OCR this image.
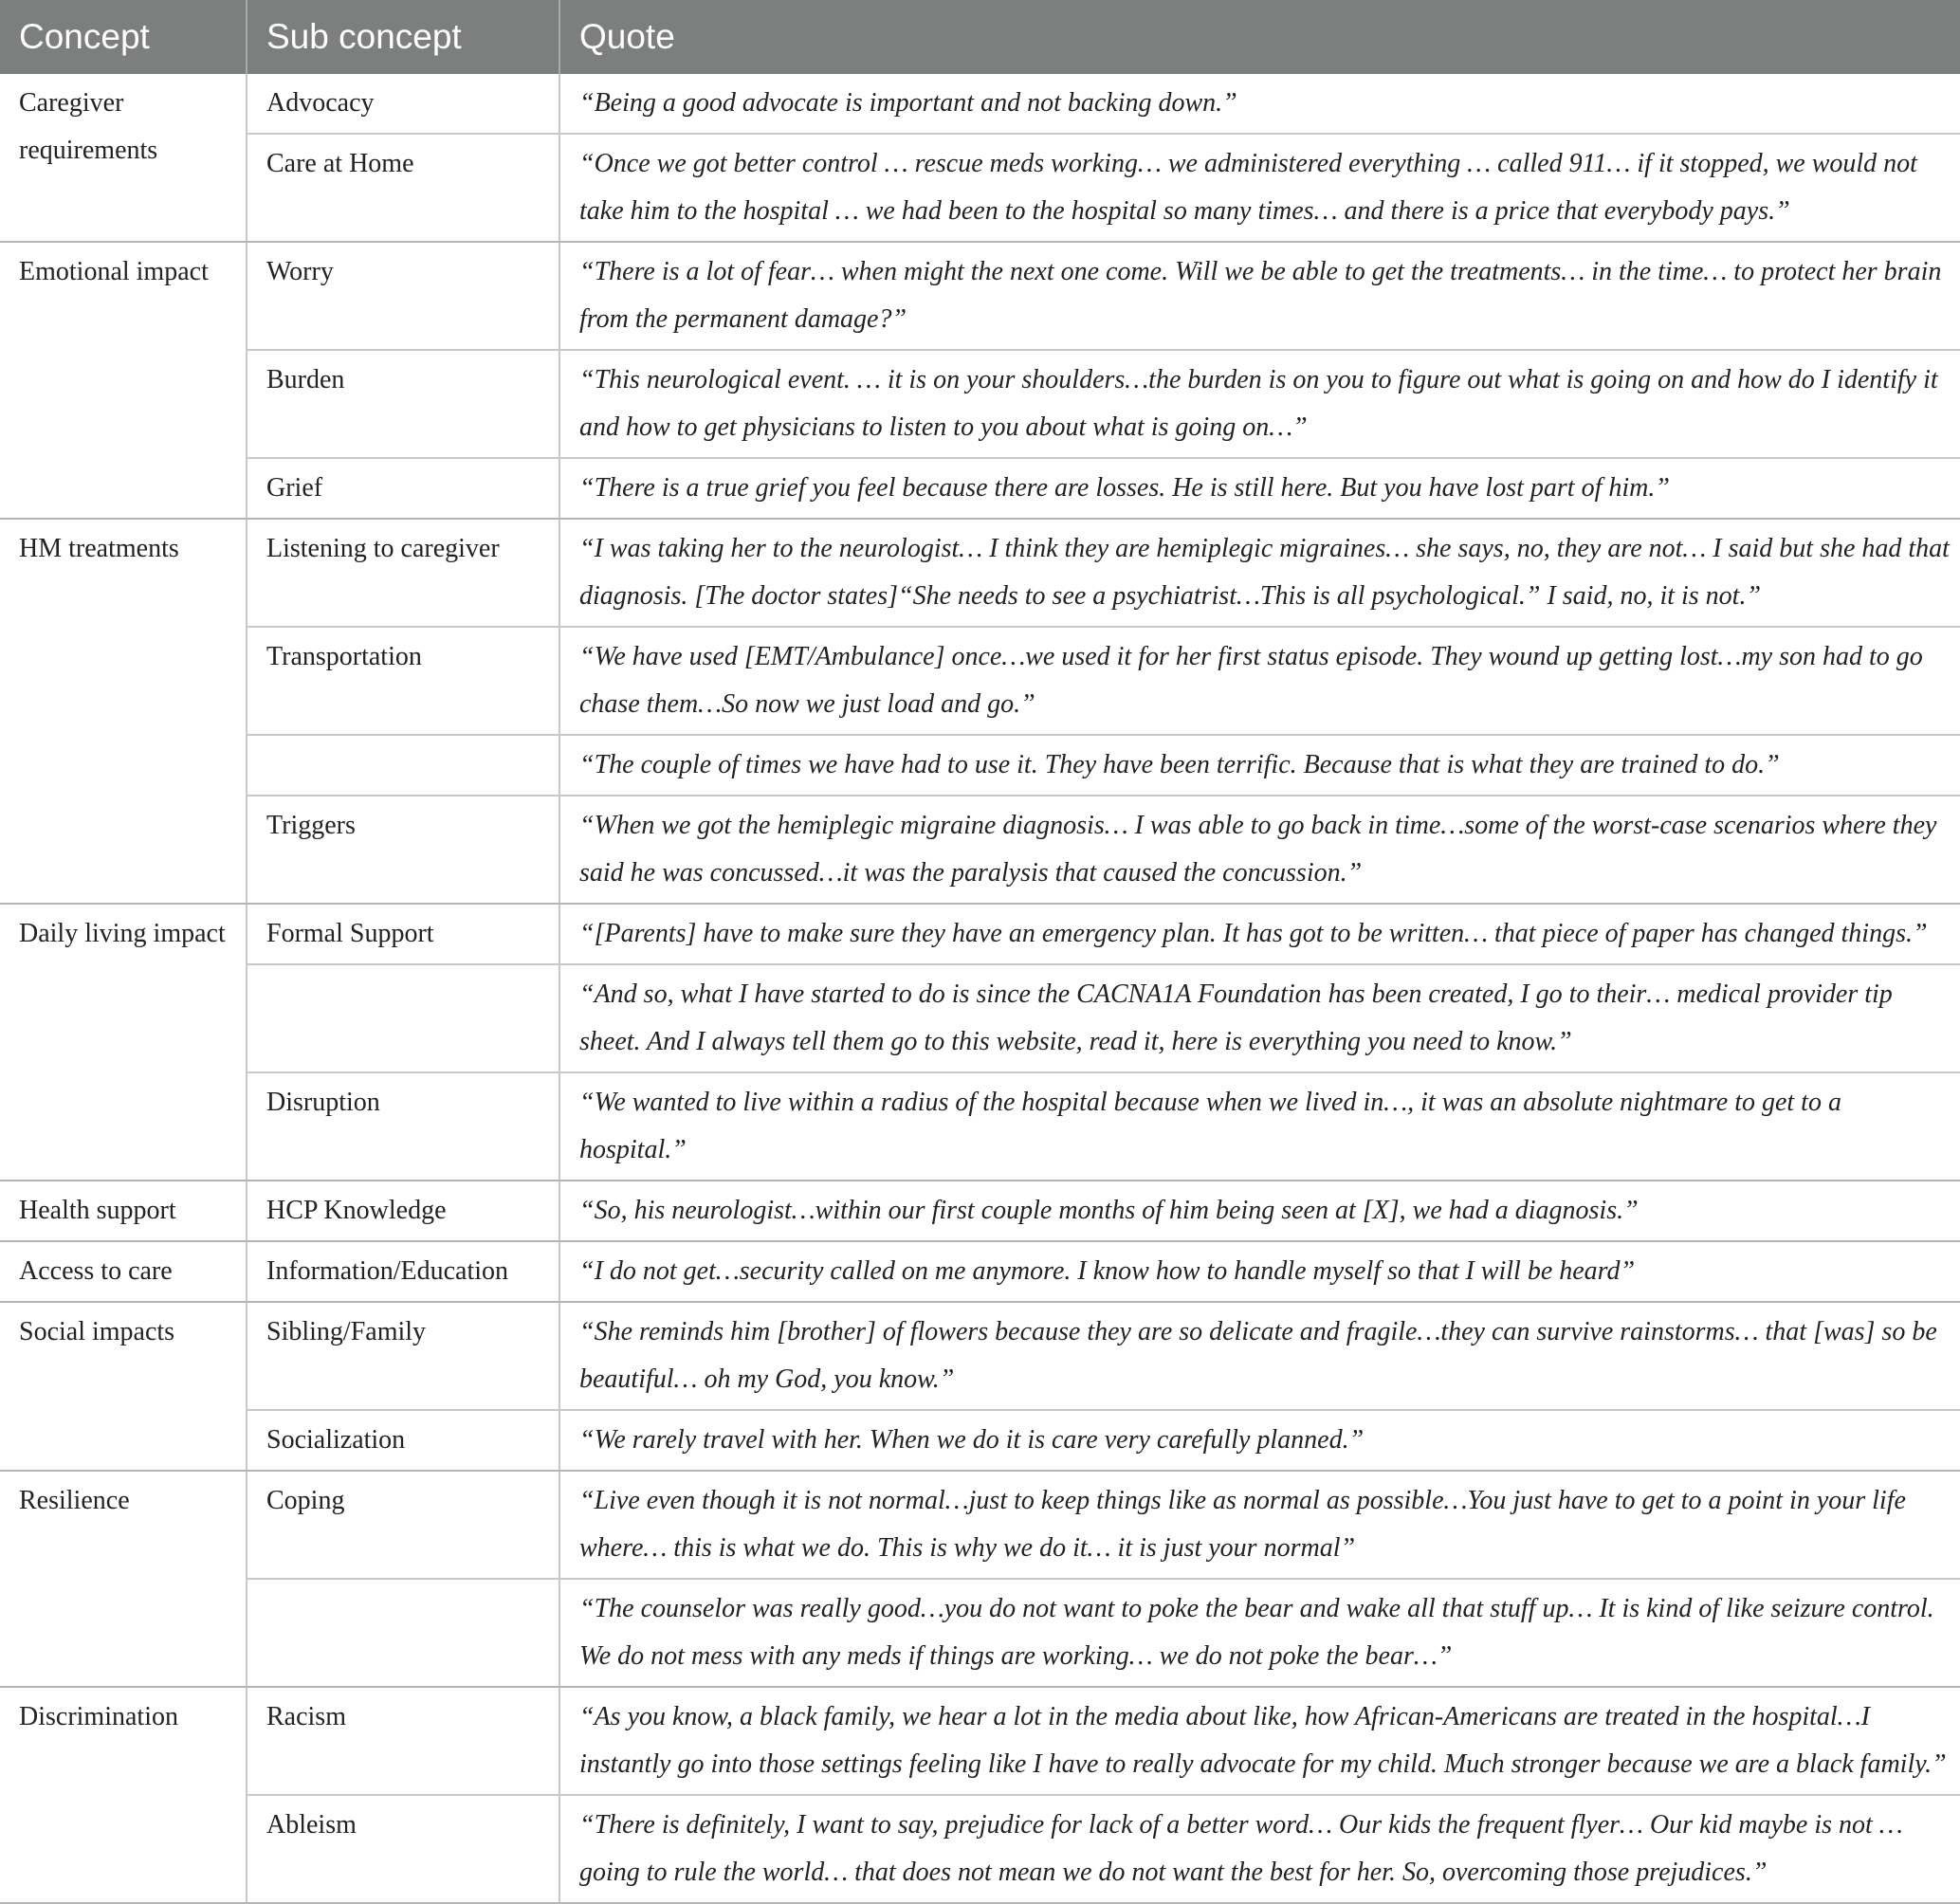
Concept	Sub concept	Quote
Caregiver requirements	Advocacy	“Being a good advocate is important and not backing down.”
	Care at Home	“Once we got better control … rescue meds working… we administered everything … called 911… if it stopped, we would not take him to the hospital … we had been to the hospital so many times… and there is a price that everybody pays.”
Emotional impact	Worry	“There is a lot of fear… when might the next one come. Will we be able to get the treatments… in the time… to protect her brain from the permanent damage?”
	Burden	“This neurological event. … it is on your shoulders…the burden is on you to figure out what is going on and how do I identify it and how to get physicians to listen to you about what is going on…”
	Grief	“There is a true grief you feel because there are losses. He is still here. But you have lost part of him.”
HM treatments	Listening to caregiver	“I was taking her to the neurologist… I think they are hemiplegic migraines… she says, no, they are not… I said but she had that diagnosis. [The doctor states]“She needs to see a psychiatrist…This is all psychological.” I said, no, it is not.”
	Transportation	“We have used [EMT/Ambulance] once…we used it for her first status episode. They wound up getting lost…my son had to go chase them…So now we just load and go.”
		“The couple of times we have had to use it. They have been terrific. Because that is what they are trained to do.”
	Triggers	“When we got the hemiplegic migraine diagnosis… I was able to go back in time…some of the worst-case scenarios where they said he was concussed…it was the paralysis that caused the concussion.”
Daily living impact	Formal Support	“[Parents] have to make sure they have an emergency plan. It has got to be written… that piece of paper has changed things.”
		“And so, what I have started to do is since the CACNA1A Foundation has been created, I go to their… medical provider tip sheet. And I always tell them go to this website, read it, here is everything you need to know.”
	Disruption	“We wanted to live within a radius of the hospital because when we lived in…, it was an absolute nightmare to get to a hospital.”
Health support	HCP Knowledge	“So, his neurologist…within our first couple months of him being seen at [X], we had a diagnosis.”
Access to care	Information/Education	“I do not get…security called on me anymore. I know how to handle myself so that I will be heard”
Social impacts	Sibling/Family	“She reminds him [brother] of flowers because they are so delicate and fragile…they can survive rainstorms… that [was] so be beautiful… oh my God, you know.”
	Socialization	“We rarely travel with her. When we do it is care very carefully planned.”
Resilience	Coping	“Live even though it is not normal…just to keep things like as normal as possible…You just have to get to a point in your life where… this is what we do. This is why we do it… it is just your normal”
		“The counselor was really good…you do not want to poke the bear and wake all that stuff up… It is kind of like seizure control. We do not mess with any meds if things are working… we do not poke the bear…”
Discrimination	Racism	“As you know, a black family, we hear a lot in the media about like, how African-Americans are treated in the hospital…I instantly go into those settings feeling like I have to really advocate for my child. Much stronger because we are a black family.”
	Ableism	“There is definitely, I want to say, prejudice for lack of a better word… Our kids the frequent flyer… Our kid maybe is not … going to rule the world… that does not mean we do not want the best for her. So, overcoming those prejudices.”
